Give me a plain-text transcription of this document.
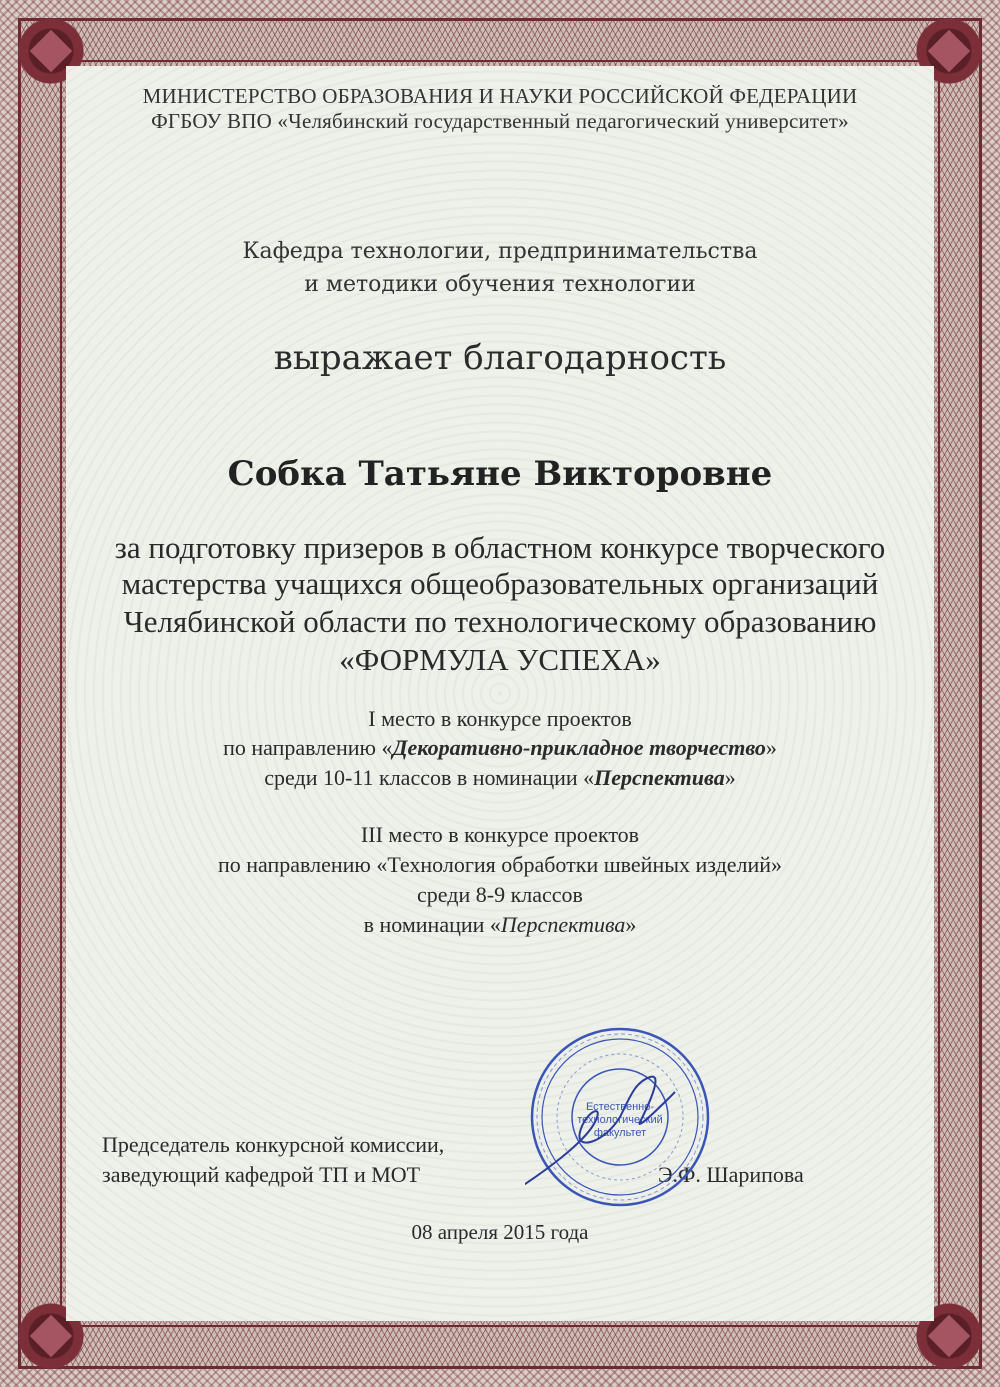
МИНИСТЕРСТВО ОБРАЗОВАНИЯ И НАУКИ РОССИЙСКОЙ ФЕДЕРАЦИИ
ФГБОУ ВПО «Челябинский государственный педагогический университет»
Кафедра технологии, предпринимательства
и методики обучения технологии
выражает благодарность
Собка Татьяне Викторовне
за подготовку призеров в областном конкурсе творческого
мастерства учащихся общеобразовательных организаций
Челябинской области по технологическому образованию
«ФОРМУЛА УСПЕХА»
I место в конкурсе проектов
по направлению «Декоративно-прикладное творчество»
среди 10-11 классов в номинации «Перспектива»
III место в конкурсе проектов
по направлению «Технология обработки швейных изделий»
среди 8-9 классов
в номинации «Перспектива»
Председатель конкурсной комиссии,
заведующий кафедрой ТП и МОТ	Э.Ф. Шарипова
08 апреля 2015 года
Естественно-
технологический
факультет
